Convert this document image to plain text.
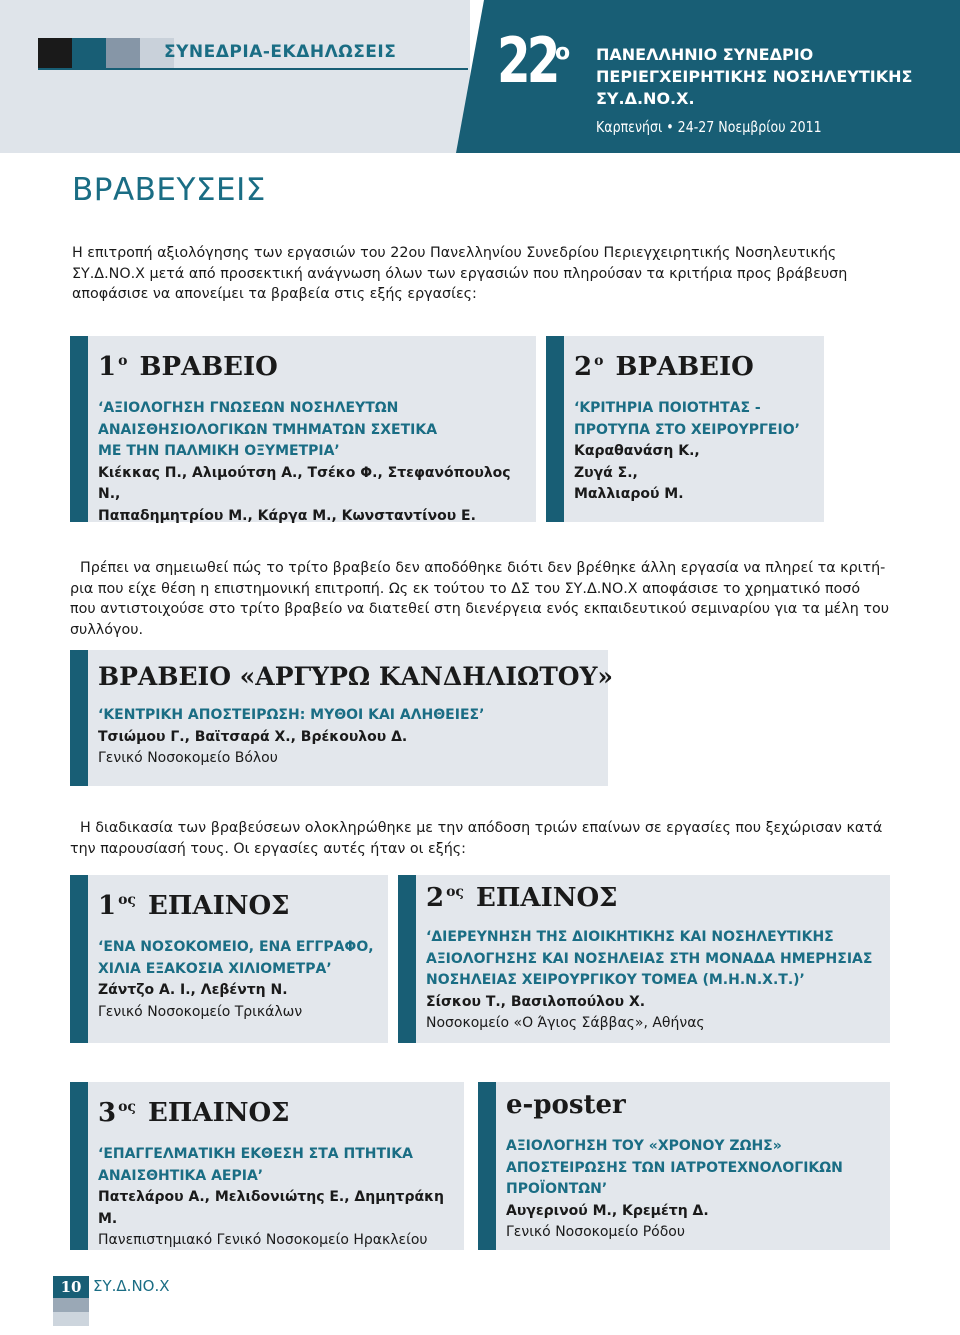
ΣΥΝΕΔΡΙΑ-ΕΚΔΗΛΩΣΕΙΣ 22
ο ΠΑΝΕΛΛΗΝΙΟ ΣΥΝΕΔΡΙΟ
ΠΕΡΙΕΓΧΕΙΡΗΤΙΚΗΣ ΝΟΣΗΛΕΥΤΙΚΗΣ
ΣΥ.Δ.ΝΟ.Χ.
Καρπενήσι • 24-27 Νοεμβρίου 2011
ΒΡΑΒΕΥΣΕΙΣ
Η επιτροπή αξιολόγησης των εργασιών του 22ου Πανελληνίου Συνεδρίου Περιεγχειρητικής Νοσηλευτικής
ΣΥ.Δ.ΝΟ.Χ μετά από προσεκτική ανάγνωση όλων των εργασιών που πληρούσαν τα κριτήρια προς βράβευση
αποφάσισε να απονείμει τα βραβεία στις εξής εργασίες:
1 $^o$ ΒΡΑΒΕΙΟ
‘ΑΞΙΟΛΟΓΗΣΗ ΓΝΩΣΕΩΝ ΝΟΣΗΛΕΥΤΩΝ
ΑΝΑΙΣΘΗΣΙΟΛΟΓΙΚΩΝ ΤΜΗΜΑΤΩΝ ΣΧΕΤΙΚΑ
ΜΕ ΤΗΝ ΠΑΛΜΙΚΗ ΟΞΥΜΕΤΡΙΑ’
Κιέκκας Π., Αλιμούτση Α., Τσέκο Φ., Στεφανόπουλος Ν.,
Παπαδημητρίου Μ., Κάργα Μ., Κωνσταντίνου Ε.
2 $^o$ ΒΡΑΒΕΙΟ
‘ΚΡΙΤΗΡΙΑ ΠΟΙΟΤΗΤΑΣ -
ΠΡΟΤΥΠΑ ΣΤΟ ΧΕΙΡΟΥΡΓΕΙΟ’
Καραθανάση Κ.,
Ζυγά Σ.,
Μαλλιαρού Μ.
Πρέπει να σημειωθεί πώς το τρίτο βραβείο δεν αποδόθηκε διότι δεν βρέθηκε άλλη εργασία να πληρεί τα κριτή-
ρια που είχε θέση η επιστημονική επιτροπή. Ως εκ τούτου το ΔΣ του ΣΥ.Δ.ΝΟ.Χ αποφάσισε το χρηματικό ποσό
που αντιστοιχούσε στο τρίτο βραβείο να διατεθεί στη διενέργεια ενός εκπαιδευτικού σεμιναρίου για τα μέλη του
συλλόγου.
ΒΡΑΒΕΙΟ «ΑΡΓΥΡΩ ΚΑΝΔΗΛΙΩΤΟΥ»
‘ΚΕΝΤΡΙΚΗ ΑΠΟΣΤΕΙΡΩΣΗ: ΜΥΘΟΙ ΚΑΙ ΑΛΗΘΕΙΕΣ’
Τσιώμου Γ., Βαϊτσαρά Χ., Βρέκουλου Δ.
Γενικό Νοσοκομείο Βόλου
Η διαδικασία των βραβεύσεων ολοκληρώθηκε με την απόδοση τριών επαίνων σε εργασίες που ξεχώρισαν κατά
την παρουσίασή τους. Οι εργασίες αυτές ήταν οι εξής:
1 $^{o\varsigma}$ ΕΠΑΙΝΟΣ
‘ΕΝΑ ΝΟΣΟΚΟΜΕΙΟ, ΕΝΑ ΕΓΓΡΑΦΟ,
ΧΙΛΙΑ ΕΞΑΚΟΣΙΑ ΧΙΛΙΟΜΕΤΡΑ’
Ζάντζο Α. Ι., Λεβέντη Ν.
Γενικό Νοσοκομείο Τρικάλων
2 $^{o\varsigma}$ ΕΠΑΙΝΟΣ
‘ΔΙΕΡΕΥΝΗΣΗ ΤΗΣ ΔΙΟΙΚΗΤΙΚΗΣ ΚΑΙ ΝΟΣΗΛΕΥΤΙΚΗΣ
ΑΞΙΟΛΟΓΗΣΗΣ ΚΑΙ ΝΟΣΗΛΕΙΑΣ ΣΤΗ ΜΟΝΑΔΑ ΗΜΕΡΗΣΙΑΣ
ΝΟΣΗΛΕΙΑΣ ΧΕΙΡΟΥΡΓΙΚΟΥ ΤΟΜΕΑ (Μ.Η.Ν.Χ.Τ.)’
Σίσκου Τ., Βασιλοπούλου Χ.
Νοσοκομείο «Ο Άγιος Σάββας», Αθήνας
3 $^{o\varsigma}$ ΕΠΑΙΝΟΣ
‘ΕΠΑΓΓΕΛΜΑΤΙΚΗ ΕΚΘΕΣΗ ΣΤΑ ΠΤΗΤΙΚΑ
ΑΝΑΙΣΘΗΤΙΚΑ ΑΕΡΙΑ’
Πατελάρου Α., Μελιδονιώτης Ε., Δημητράκη Μ.
Πανεπιστημιακό Γενικό Νοσοκομείο Ηρακλείου
e-poster
ΑΞΙΟΛΟΓΗΣΗ ΤΟΥ «ΧΡΟΝΟΥ ΖΩΗΣ»
ΑΠΟΣΤΕΙΡΩΣΗΣ ΤΩΝ ΙΑΤΡΟΤΕΧΝΟΛΟΓΙΚΩΝ
ΠΡΟΪΟΝΤΩΝ’
Αυγερινού Μ., Κρεμέτη Δ.
Γενικό Νοσοκομείο Ρόδου
10 ΣΥ.Δ.ΝΟ.Χ
